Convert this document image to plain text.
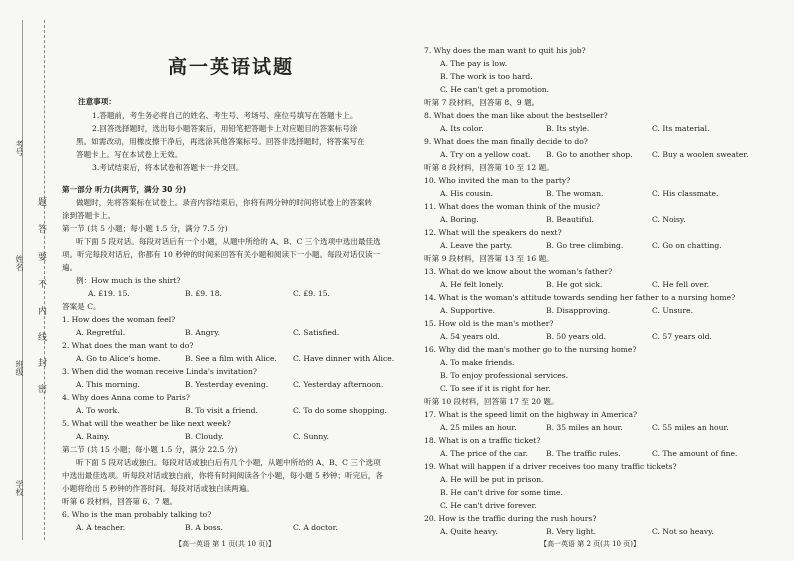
考号
姓名
班级
学校
题
答
要
不
内
线
封
密
高一英语试题
注意事项：
1.答题前，考生务必将自己的姓名、考生号、考场号、座位号填写在答题卡上。
2.回答选择题时，选出每小题答案后，用铅笔把答题卡上对应题目的答案标号涂
黑。如需改动，用橡皮擦干净后，再选涂其他答案标号。回答非选择题时，将答案写在
答题卡上。写在本试卷上无效。
3.考试结束后，将本试卷和答题卡一并交回。
第一部分 听力(共两节，满分 30 分)
做题时，先将答案标在试卷上。录音内容结束后，你将有两分钟的时间将试卷上的答案转
涂到答题卡上。
第一节 (共 5 小题；每小题 1.5 分，满分 7.5 分)
听下面 5 段对话。每段对话后有一个小题，从题中所给的 A、B、C 三个选项中选出最佳选
项。听完每段对话后，你都有 10 秒钟的时间来回答有关小题和阅读下一小题。每段对话仅读一
遍。
例：How much is the shirt?
A. £19. 15.	B. £9. 18.	C. £9. 15.
答案是 C。
1. How does the woman feel?
A. Regretful.	B. Angry.	C. Satisfied.
2. What does the man want to do?
A. Go to Alice's home.	B. See a film with Alice. C. Have dinner with Alice.
3. When did the woman receive Linda's invitation?
A. This morning.	B. Yesterday evening.	C. Yesterday afternoon.
4. Why does Anna come to Paris?
A. To work.	B. To visit a friend.	C. To do some shopping.
5. What will the weather be like next week?
A. Rainy.	B. Cloudy.	C. Sunny.
第二节 (共 15 小题；每小题 1.5 分，满分 22.5 分)
听下面 5 段对话或独白。每段对话或独白后有几个小题，从题中所给的 A、B、C 三个选项
中选出最佳选项。听每段对话或独白前，你将有时间阅读各个小题，每小题 5 秒钟；听完后，各
小题将给出 5 秒钟的作答时间。每段对话或独白读两遍。
听第 6 段材料，回答第 6、7 题。
6. Who is the man probably talking to?
A. A teacher.	B. A boss.	C. A doctor.
【高一英语 第 1 页(共 10 页)】
7. Why does the man want to quit his job?
A. The pay is low.
B. The work is too hard.
C. He can't get a promotion.
听第 7 段材料，回答第 8、9 题。
8. What does the man like about the bestseller?
A. Its color.	B. Its style.	C. Its material.
9. What does the man finally decide to do?
A. Try on a yellow coat. B. Go to another shop.	C. Buy a woolen sweater.
听第 8 段材料，回答第 10 至 12 题。
10. Who invited the man to the party?
A. His cousin.	B. The woman.	C. His classmate.
11. What does the woman think of the music?
A. Boring.	B. Beautiful.	C. Noisy.
12. What will the speakers do next?
A. Leave the party.	B. Go tree climbing.	C. Go on chatting.
听第 9 段材料，回答第 13 至 16 题。
13. What do we know about the woman's father?
A. He felt lonely.	B. He got sick.	C. He fell over.
14. What is the woman's attitude towards sending her father to a nursing home?
A. Supportive.	B. Disapproving.	C. Unsure.
15. How old is the man's mother?
A. 54 years old.	B. 50 years old.	C. 57 years old.
16. Why did the man's mother go to the nursing home?
A. To make friends.
B. To enjoy professional services.
C. To see if it is right for her.
听第 10 段材料，回答第 17 至 20 题。
17. What is the speed limit on the highway in America?
A. 25 miles an hour.	B. 35 miles an hour.	C. 55 miles an hour.
18. What is on a traffic ticket?
A. The price of the car. B. The traffic rules.	C. The amount of fine.
19. What will happen if a driver receives too many traffic tickets?
A. He will be put in prison.
B. He can't drive for some time.
C. He can't drive forever.
20. How is the traffic during the rush hours?
A. Quite heavy.	B. Very light.	C. Not so heavy.
【高一英语 第 2 页(共 10 页)】
